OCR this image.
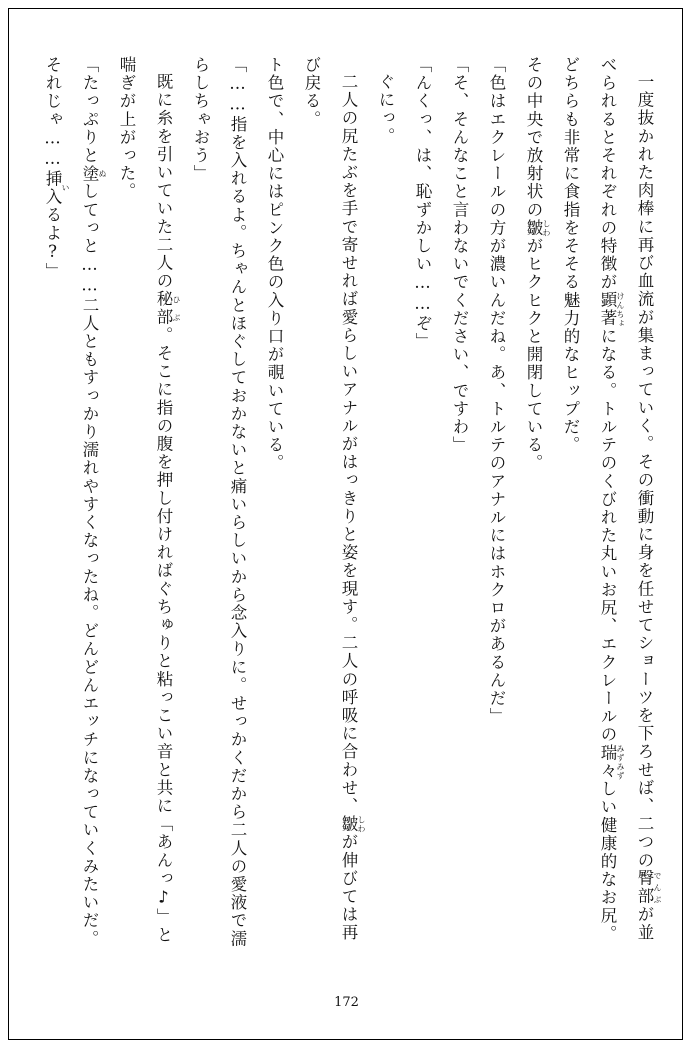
一度抜かれた肉棒に再び血流が集まっていく。その衝動に身を任せてショーツを下ろせば、二つの臀部 でんぶが並べられるとそれぞれの特徴が顕著 けんちょになる。トルテのくびれた丸いお尻、エクレールの瑞々 みずみずしい健康的なお尻。どちらも非常に食指をそそる魅力的なヒップだ。

その中央で放射状の皺 しわがヒクヒクと開閉している。

「色はエクレールの方が濃いんだね。あ、トルテのアナルにはホクロがあるんだ」

「そ、そんなこと言わないでください、ですわ」

「んくっ、は、恥ずかしい……ぞ」

ぐにっ。

二人の尻たぶを手で寄せれば愛らしいアナルがはっきりと姿を現す。二人の呼吸に合わせ、皺 しわが伸びては再び戻る。

ト色で、中心にはピンク色の入り口が覗いている。

「……指を入れるよ。ちゃんとほぐしておかないと痛いらしいから念入りに。せっかくだから二人の愛液で濡らしちゃおう」

既に糸を引いていた二人の秘部 ひぶ。そこに指の腹を押し付ければぐちゅりと粘っこい音と共に「あんっ♪」と喘ぎが上がった。

「たっぷりと塗 ぬしてっと……二人ともすっかり濡れやすくなったね。どんどんエッチになっていくみたいだ。それじゃ……挿入 いるよ?」

172
